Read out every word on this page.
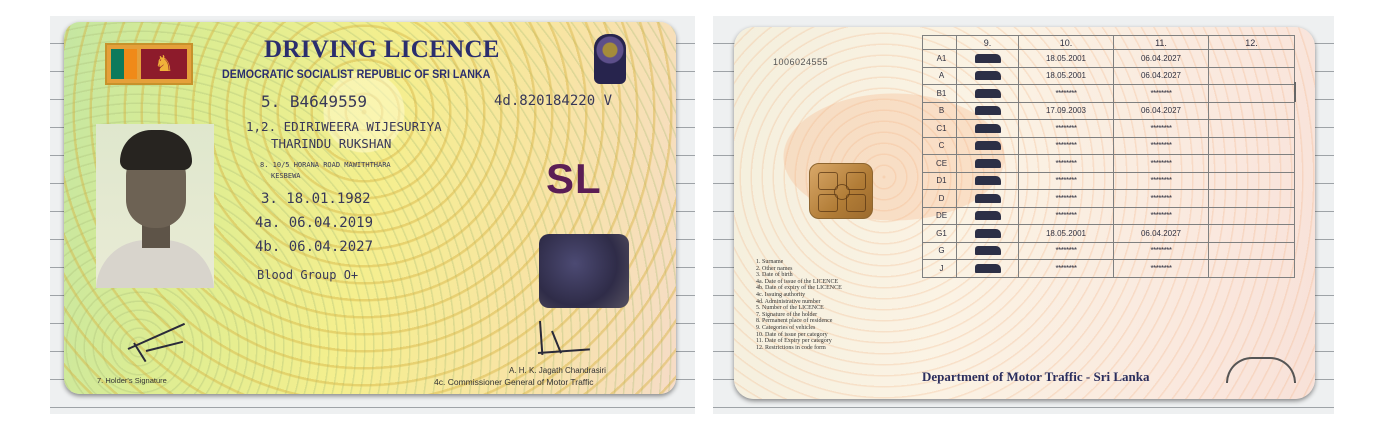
♞
DRIVING LICENCE
DEMOCRATIC SOCIALIST REPUBLIC OF SRI LANKA
5. B4649559	4d.820184220 V
1,2. EDIRIWEERA WIJESURIYA
THARINDU RUKSHAN
8. 10/5 HORANA ROAD MAWITHTHARA
KESBEWA
3. 18.01.1982
4a. 06.04.2019
4b. 06.04.2027
Blood Group O+
SL
7. Holder's Signature
A. H. K. Jagath Chandrasiri
4c. Commissioner General of Motor Traffic
1006024555
	9.	10.	11.	12.
A1		18.05.2001	06.04.2027	
A		18.05.2001	06.04.2027	
B1		********	********	
B		17.09.2003	06.04.2027	
C1		********	********	
C		********	********	
CE		********	********	
D1		********	********	
D		********	********	
DE		********	********	
G1		18.05.2001	06.04.2027	
G		********	********	
J		********	********	
1. Surname
2. Other names
3. Date of birth
4a. Date of issue of the LICENCE
4b. Date of expiry of the LICENCE
4c. Issuing authority
4d. Administrative number
5. Number of the LICENCE
7. Signature of the holder
8. Permanent place of residence
9. Categories of vehicles
10. Date of issue per category
11. Date of Expiry per category
12. Restrictions in code form
Department of Motor Traffic - Sri Lanka
